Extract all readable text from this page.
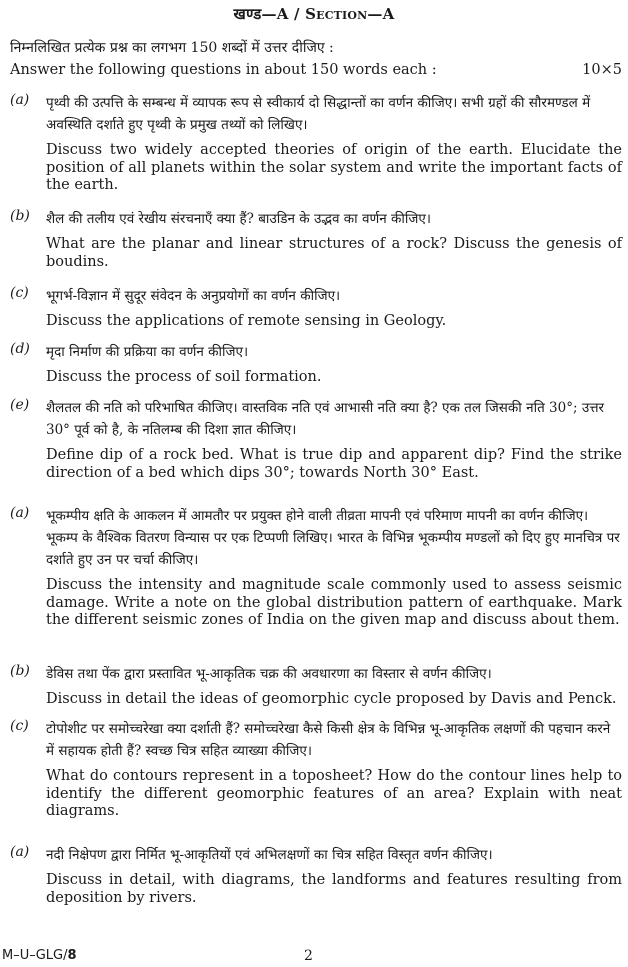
खण्ड—A / Section—A
निम्नलिखित प्रत्येक प्रश्न का लगभग 150 शब्दों में उत्तर दीजिए :
Answer the following questions in about 150 words each :	10×5
(a) पृथ्वी की उत्पत्ति के सम्बन्ध में व्यापक रूप से स्वीकार्य दो सिद्धान्तों का वर्णन कीजिए। सभी ग्रहों की सौरमण्डल में अवस्थिति दर्शाते हुए पृथ्वी के प्रमुख तथ्यों को लिखिए।
Discuss two widely accepted theories of origin of the earth. Elucidate the position of all planets within the solar system and write the important facts of the earth.
(b) शैल की तलीय एवं रेखीय संरचनाएँ क्या हैं? बाउडिन के उद्भव का वर्णन कीजिए।
What are the planar and linear structures of a rock? Discuss the genesis of boudins.
(c) भूगर्भ-विज्ञान में सुदूर संवेदन के अनुप्रयोगों का वर्णन कीजिए।
Discuss the applications of remote sensing in Geology.
(d) मृदा निर्माण की प्रक्रिया का वर्णन कीजिए।
Discuss the process of soil formation.
(e) शैलतल की नति को परिभाषित कीजिए। वास्तविक नति एवं आभासी नति क्या है? एक तल जिसकी नति 30°; उत्तर 30° पूर्व को है, के नतिलम्ब की दिशा ज्ञात कीजिए।
Define dip of a rock bed. What is true dip and apparent dip? Find the strike direction of a bed which dips 30°; towards North 30° East.
(a) भूकम्पीय क्षति के आकलन में आमतौर पर प्रयुक्त होने वाली तीव्रता मापनी एवं परिमाण मापनी का वर्णन कीजिए। भूकम्प के वैश्विक वितरण विन्यास पर एक टिप्पणी लिखिए। भारत के विभिन्न भूकम्पीय मण्डलों को दिए हुए मानचित्र पर दर्शाते हुए उन पर चर्चा कीजिए।
Discuss the intensity and magnitude scale commonly used to assess seismic damage. Write a note on the global distribution pattern of earthquake. Mark the different seismic zones of India on the given map and discuss about them.
(b) डेविस तथा पेंक द्वारा प्रस्तावित भू-आकृतिक चक्र की अवधारणा का विस्तार से वर्णन कीजिए।
Discuss in detail the ideas of geomorphic cycle proposed by Davis and Penck.
(c) टोपोशीट पर समोच्चरेखा क्या दर्शाती हैं? समोच्चरेखा कैसे किसी क्षेत्र के विभिन्न भू-आकृतिक लक्षणों की पहचान करने में सहायक होती हैं? स्वच्छ चित्र सहित व्याख्या कीजिए।
What do contours represent in a toposheet? How do the contour lines help to identify the different geomorphic features of an area? Explain with neat diagrams.
(a) नदी निक्षेपण द्वारा निर्मित भू-आकृतियों एवं अभिलक्षणों का चित्र सहित विस्तृत वर्णन कीजिए।
Discuss in detail, with diagrams, the landforms and features resulting from deposition by rivers.
M–U–GLG/8	2
